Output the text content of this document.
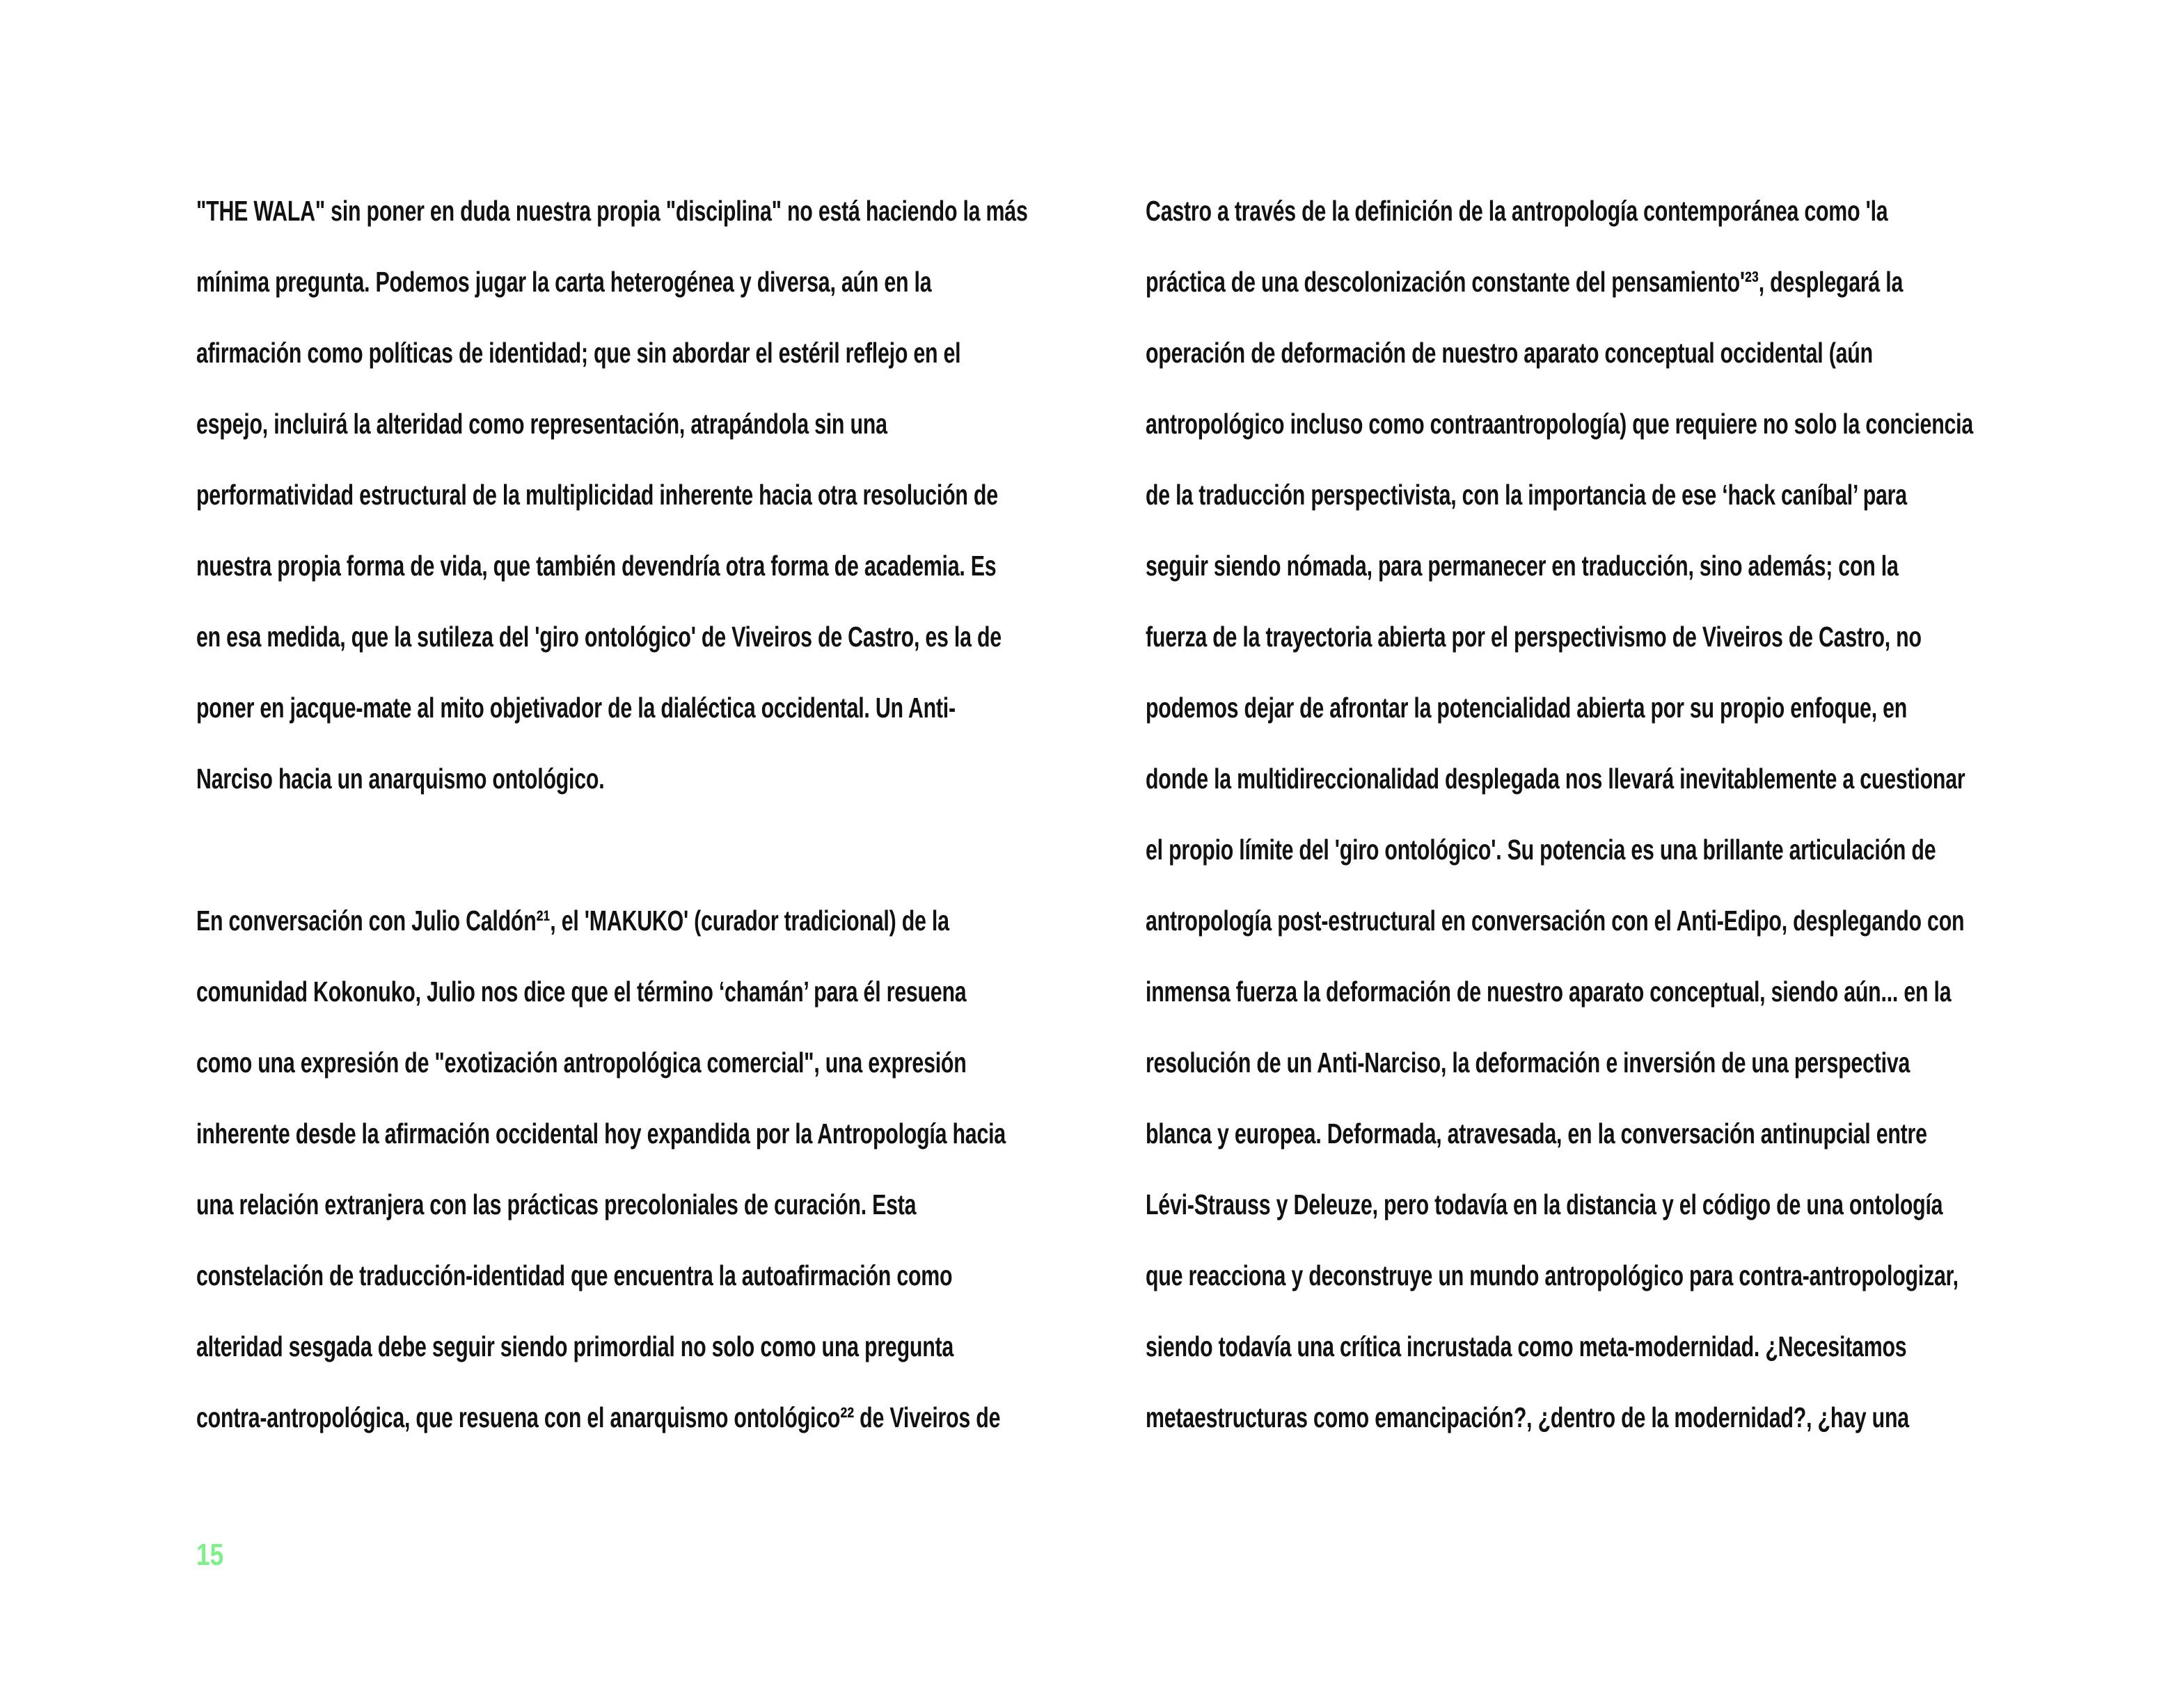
"THE WALA" sin poner en duda nuestra propia "disciplina" no está haciendo la más
mínima pregunta. Podemos jugar la carta heterogénea y diversa, aún en la
afirmación como políticas de identidad; que sin abordar el estéril reflejo en el
espejo, incluirá la alteridad como representación, atrapándola sin una
performatividad estructural de la multiplicidad inherente hacia otra resolución de
nuestra propia forma de vida, que también devendría otra forma de academia. Es
en esa medida, que la sutileza del 'giro ontológico' de Viveiros de Castro, es la de
poner en jacque-mate al mito objetivador de la dialéctica occidental. Un Anti-
Narciso hacia un anarquismo ontológico.
En conversación con Julio Caldón²¹, el 'MAKUKO' (curador tradicional) de la
comunidad Kokonuko, Julio nos dice que el término ‘chamán’ para él resuena
como una expresión de "exotización antropológica comercial", una expresión
inherente desde la afirmación occidental hoy expandida por la Antropología hacia
una relación extranjera con las prácticas precoloniales de curación. Esta
constelación de traducción-identidad que encuentra la autoafirmación como
alteridad sesgada debe seguir siendo primordial no solo como una pregunta
contra-antropológica, que resuena con el anarquismo ontológico²² de Viveiros de
Castro a través de la definición de la antropología contemporánea como 'la
práctica de una descolonización constante del pensamiento'²³, desplegará la
operación de deformación de nuestro aparato conceptual occidental (aún
antropológico incluso como contraantropología) que requiere no solo la conciencia
de la traducción perspectivista, con la importancia de ese ‘hack caníbal’ para
seguir siendo nómada, para permanecer en traducción, sino además; con la
fuerza de la trayectoria abierta por el perspectivismo de Viveiros de Castro, no
podemos dejar de afrontar la potencialidad abierta por su propio enfoque, en
donde la multidireccionalidad desplegada nos llevará inevitablemente a cuestionar
el propio límite del 'giro ontológico'. Su potencia es una brillante articulación de
antropología post-estructural en conversación con el Anti-Edipo, desplegando con
inmensa fuerza la deformación de nuestro aparato conceptual, siendo aún... en la
resolución de un Anti-Narciso, la deformación e inversión de una perspectiva
blanca y europea. Deformada, atravesada, en la conversación antinupcial entre
Lévi-Strauss y Deleuze, pero todavía en la distancia y el código de una ontología
que reacciona y deconstruye un mundo antropológico para contra-antropologizar,
siendo todavía una crítica incrustada como meta-modernidad. ¿Necesitamos
metaestructuras como emancipación?, ¿dentro de la modernidad?, ¿hay una
15
